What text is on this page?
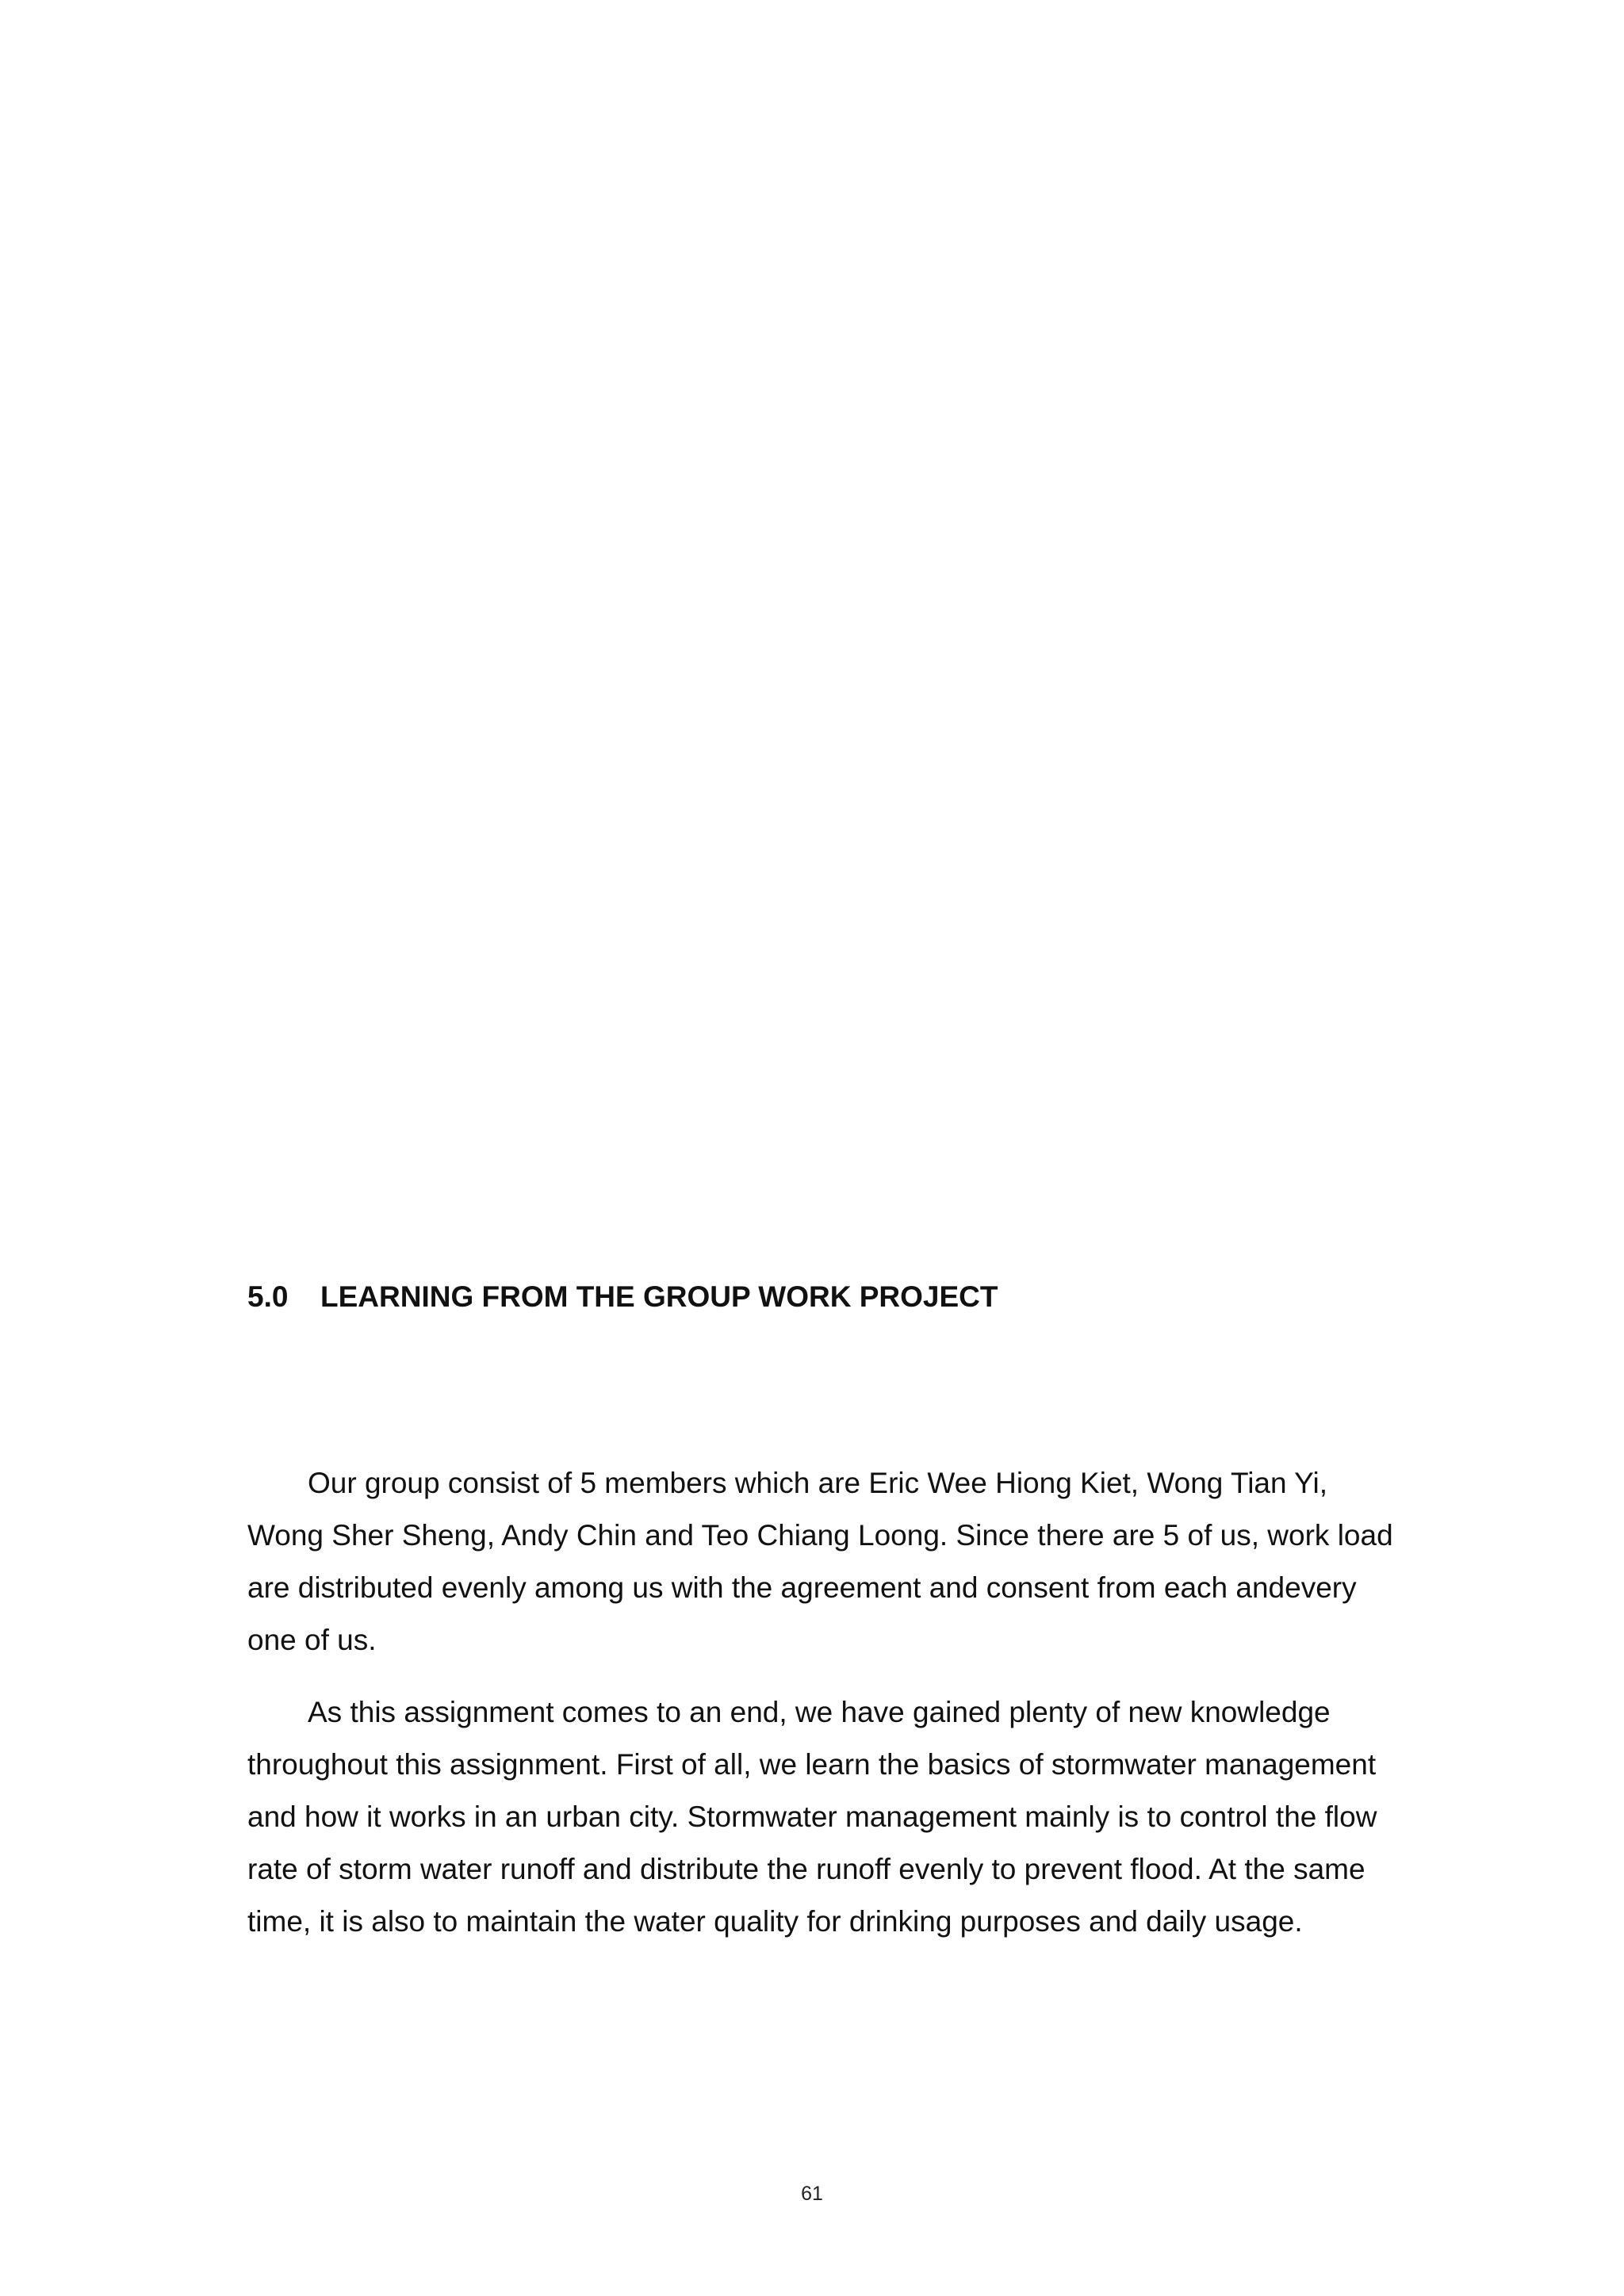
5.0 LEARNING FROM THE GROUP WORK PROJECT

Our group consist of 5 members which are Eric Wee Hiong Kiet, Wong Tian Yi, Wong Sher Sheng, Andy Chin and Teo Chiang Loong. Since there are 5 of us, work load are distributed evenly among us with the agreement and consent from each andevery one of us.

As this assignment comes to an end, we have gained plenty of new knowledge throughout this assignment. First of all, we learn the basics of stormwater management and how it works in an urban city. Stormwater management mainly is to control the flow rate of storm water runoff and distribute the runoff evenly to prevent flood. At the same time, it is also to maintain the water quality for drinking purposes and daily usage.

61
